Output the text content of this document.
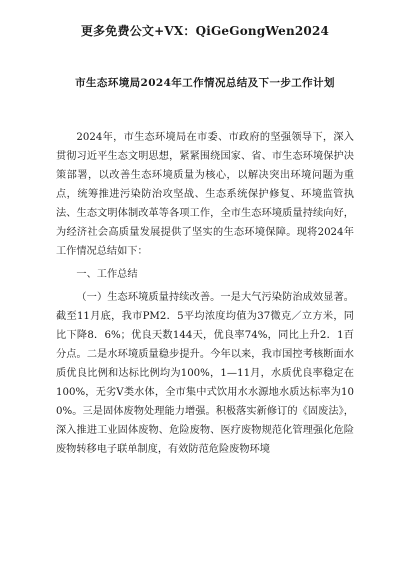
更多免费公文+VX：QiGeGongWen2024
市生态环境局2024年工作情况总结及下一步工作计划

2024年，市生态环境局在市委、市政府的坚强领导下，深入贯彻习近平生态文明思想，紧紧围绕国家、省、市生态环境保护决策部署，以改善生态环境质量为核心，以解决突出环境问题为重点，统筹推进污染防治攻坚战、生态系统保护修复、环境监管执法、生态文明体制改革等各项工作，全市生态环境质量持续向好，为经济社会高质量发展提供了坚实的生态环境保障。现将2024年工作情况总结如下：

一、工作总结

（一）生态环境质量持续改善。一是大气污染防治成效显著。截至11月底，我市PM2．5平均浓度均值为37微克／立方米，同比下降8．6%；优良天数144天，优良率74%，同比上升2．1百分点。二是水环境质量稳步提升。今年以来，我市国控考核断面水质优良比例和达标比例均为100%，1—11月，水质优良率稳定在100%，无劣V类水体，全市集中式饮用水水源地水质达标率为100%。三是固体废物处理能力增强。积极落实新修订的《固废法》，深入推进工业固体废物、危险废物、医疗废物规范化管理强化危险废物转移电子联单制度，有效防范危险废物环境
